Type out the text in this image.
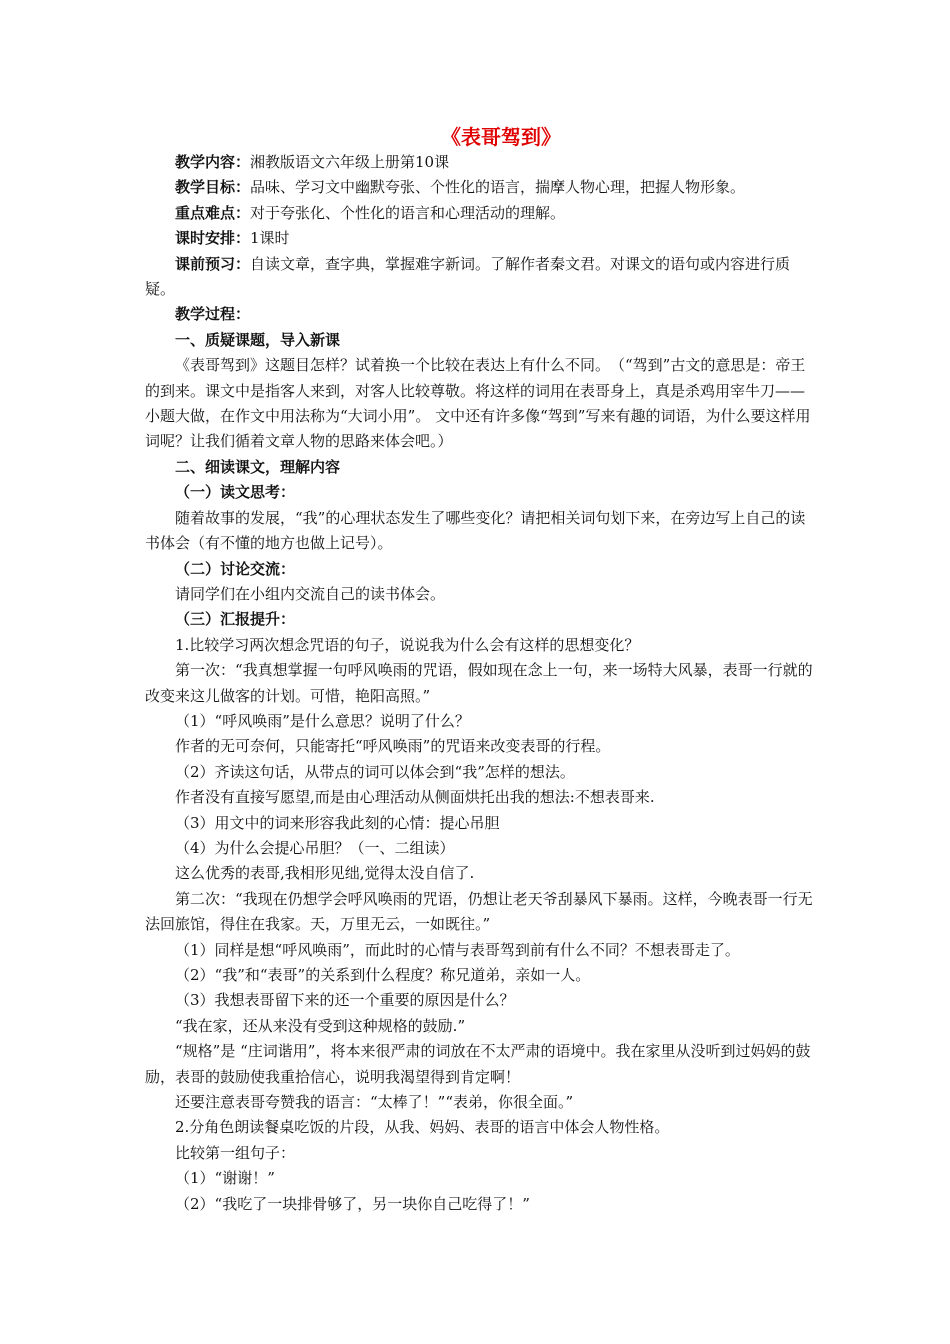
《表哥驾到》

教学内容：湘教版语文六年级上册第10课

教学目标：品味、学习文中幽默夸张、个性化的语言，揣摩人物心理，把握人物形象。

重点难点：对于夸张化、个性化的语言和心理活动的理解。

课时安排：1课时

课前预习：自读文章，查字典，掌握难字新词。了解作者秦文君。对课文的语句或内容进行质疑。

教学过程：

一、质疑课题，导入新课

《表哥驾到》这题目怎样？试着换一个比较在表达上有什么不同。　（“驾到”古文的意思是：帝王的到来。课文中是指客人来到，对客人比较尊敬。将这样的词用在表哥身上，真是杀鸡用宰牛刀——小题大做，在作文中用法称为“大词小用”。 文中还有许多像“驾到”写来有趣的词语，为什么要这样用词呢？让我们循着文章人物的思路来体会吧。）

二、细读课文，理解内容

（一）读文思考：

随着故事的发展，“我”的心理状态发生了哪些变化？请把相关词句划下来，在旁边写上自己的读书体会（有不懂的地方也做上记号）。

（二）讨论交流：

请同学们在小组内交流自己的读书体会。

（三）汇报提升：

1.比较学习两次想念咒语的句子，说说我为什么会有这样的思想变化？

第一次：“我真想掌握一句呼风唤雨的咒语，假如现在念上一句，来一场特大风暴，表哥一行就的改变来这儿做客的计划。可惜，艳阳高照。”

（1）“呼风唤雨”是什么意思？说明了什么？

作者的无可奈何，只能寄托“呼风唤雨”的咒语来改变表哥的行程。

（2）齐读这句话，从带点的词可以体会到“我”怎样的想法。

作者没有直接写愿望,而是由心理活动从侧面烘托出我的想法:不想表哥来.

（3）用文中的词来形容我此刻的心情：提心吊胆

（4）为什么会提心吊胆？（一、二组读）

这么优秀的表哥,我相形见绌,觉得太没自信了.

第二次：“我现在仍想学会呼风唤雨的咒语，仍想让老天爷刮暴风下暴雨。这样，今晚表哥一行无法回旅馆，得住在我家。天，万里无云，一如既往。”

（1）同样是想“呼风唤雨”，而此时的心情与表哥驾到前有什么不同？不想表哥走了。

（2）“我”和“表哥”的关系到什么程度？称兄道弟，亲如一人。

（3）我想表哥留下来的还一个重要的原因是什么？

“我在家，还从来没有受到这种规格的鼓励.”

“规格”是 “庄词谐用”，将本来很严肃的词放在不太严肃的语境中。我在家里从没听到过妈妈的鼓励，表哥的鼓励使我重拾信心，说明我渴望得到肯定啊！

还要注意表哥夸赞我的语言：“太棒了！”“表弟，你很全面。”

2.分角色朗读餐桌吃饭的片段，从我、妈妈、表哥的语言中体会人物性格。

比较第一组句子：

（1）“谢谢！”

（2）“我吃了一块排骨够了，另一块你自己吃得了！”
